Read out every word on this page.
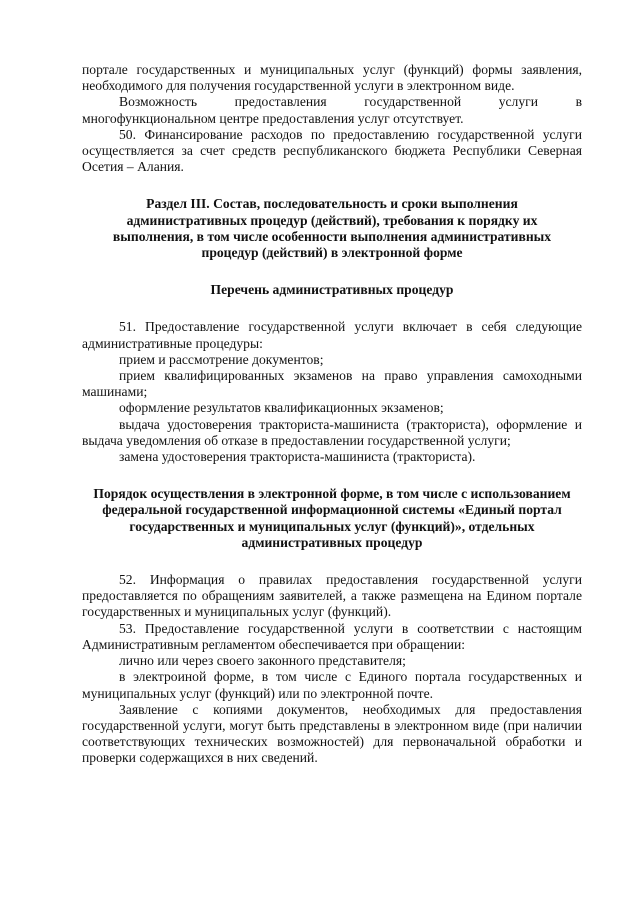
порталe государственных и муниципальных услуг (функций) формы заявления, необходимого для получения государственной услуги в электронном виде.

Возможность предоставления государственной услуги в многофункциональном центре предоставления услуг отсутствует.

50. Финансирование расходов по предоставлению государственной услуги осуществляется за счет средств республиканского бюджета Республики Северная Осетия – Алания.

Раздел III. Состав, последовательность и сроки выполнения административных процедур (действий), требования к порядку их выполнения, в том числе особенности выполнения административных процедур (действий) в электронной форме

Перечень административных процедур

51. Предоставление государственной услуги включает в себя следующие административные процедуры:

прием и рассмотрение документов;

прием квалифицированных экзаменов на право управления самоходными машинами;

оформление результатов квалификационных экзаменов;

выдача удостоверения тракториста-машиниста (тракториста), оформление и выдача уведомления об отказе в предоставлении государственной услуги;

замена удостоверения тракториста-машиниста (тракториста).

Порядок осуществления в электронной форме, в том числе с использованием федеральной государственной информационной системы «Единый портал государственных и муниципальных услуг (функций)», отдельных административных процедур

52. Информация о правилах предоставления государственной услуги предоставляется по обращениям заявителей, а также размещена на Едином портале государственных и муниципальных услуг (функций).

53. Предоставление государственной услуги в соответствии с настоящим Административным регламентом обеспечивается при обращении:

лично или через своего законного представителя;

в электроиной форме, в том числе с Единого портала государственных и муниципальных услуг (функций) или по электронной почте.

Заявление с копиями документов, необходимых для предоставления государственной услуги, могут быть представлены в электронном виде (при наличии соответствующих технических возможностей) для первоначальной обработки и проверки содержащихся в них сведений.
